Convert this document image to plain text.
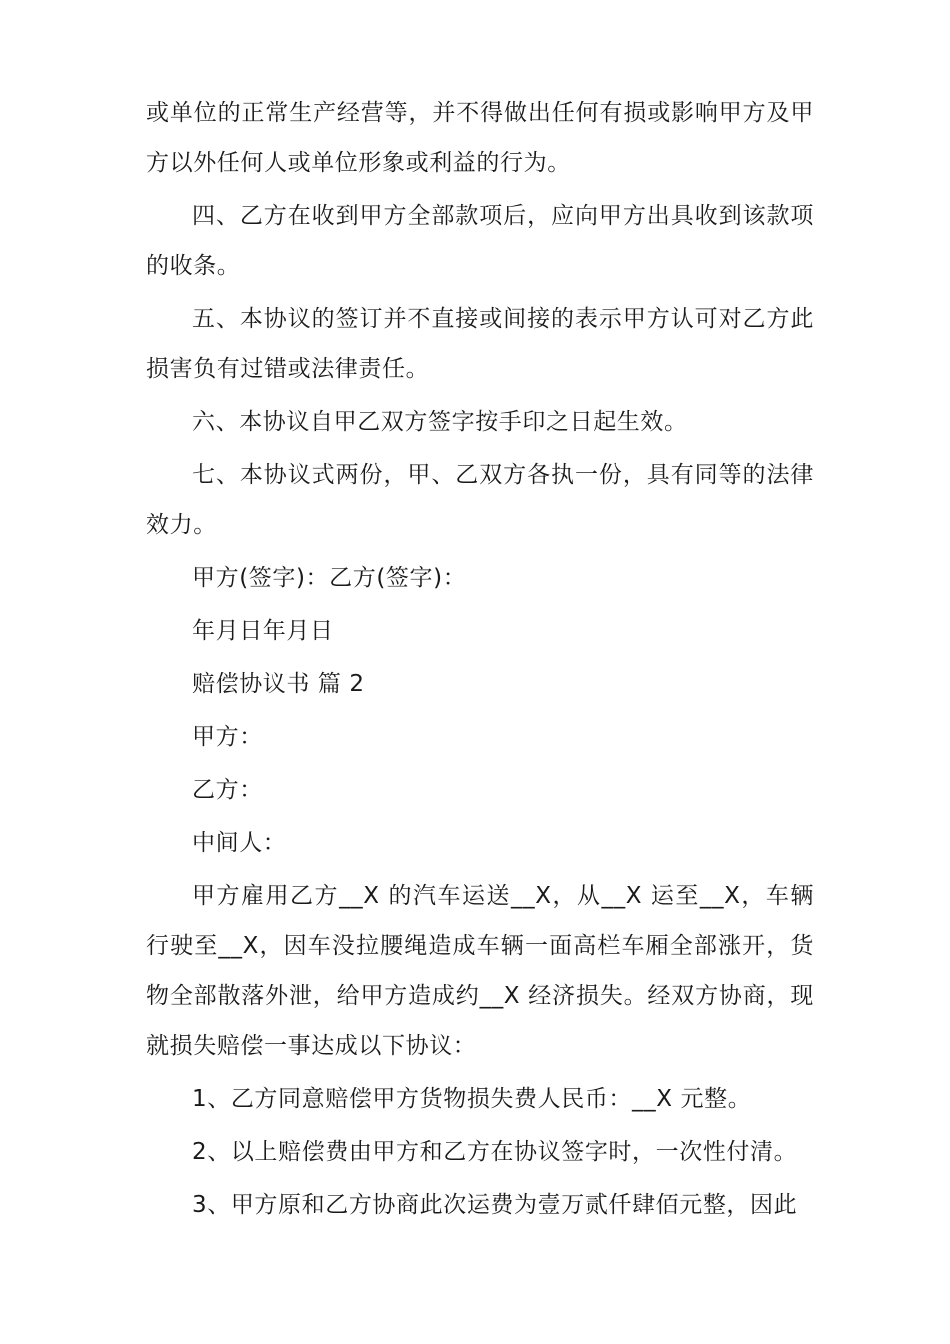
或单位的正常生产经营等，并不得做出任何有损或影响甲方及甲方以外任何人或单位形象或利益的行为。

四、乙方在收到甲方全部款项后，应向甲方出具收到该款项的收条。

五、本协议的签订并不直接或间接的表示甲方认可对乙方此损害负有过错或法律责任。

六、本协议自甲乙双方签字按手印之日起生效。

七、本协议式两份，甲、乙双方各执一份，具有同等的法律效力。

甲方(签字)：乙方(签字)：

年月日年月日

赔偿协议书 篇 2

甲方：

乙方：

中间人：

甲方雇用乙方__X 的汽车运送__X，从__X 运至__X，车辆行驶至__X，因车没拉腰绳造成车辆一面高栏车厢全部涨开，货物全部散落外泄，给甲方造成约__X 经济损失。经双方协商，现就损失赔偿一事达成以下协议：

1、乙方同意赔偿甲方货物损失费人民币：__X 元整。

2、以上赔偿费由甲方和乙方在协议签字时，一次性付清。

3、甲方原和乙方协商此次运费为壹万贰仟肆佰元整，因此
